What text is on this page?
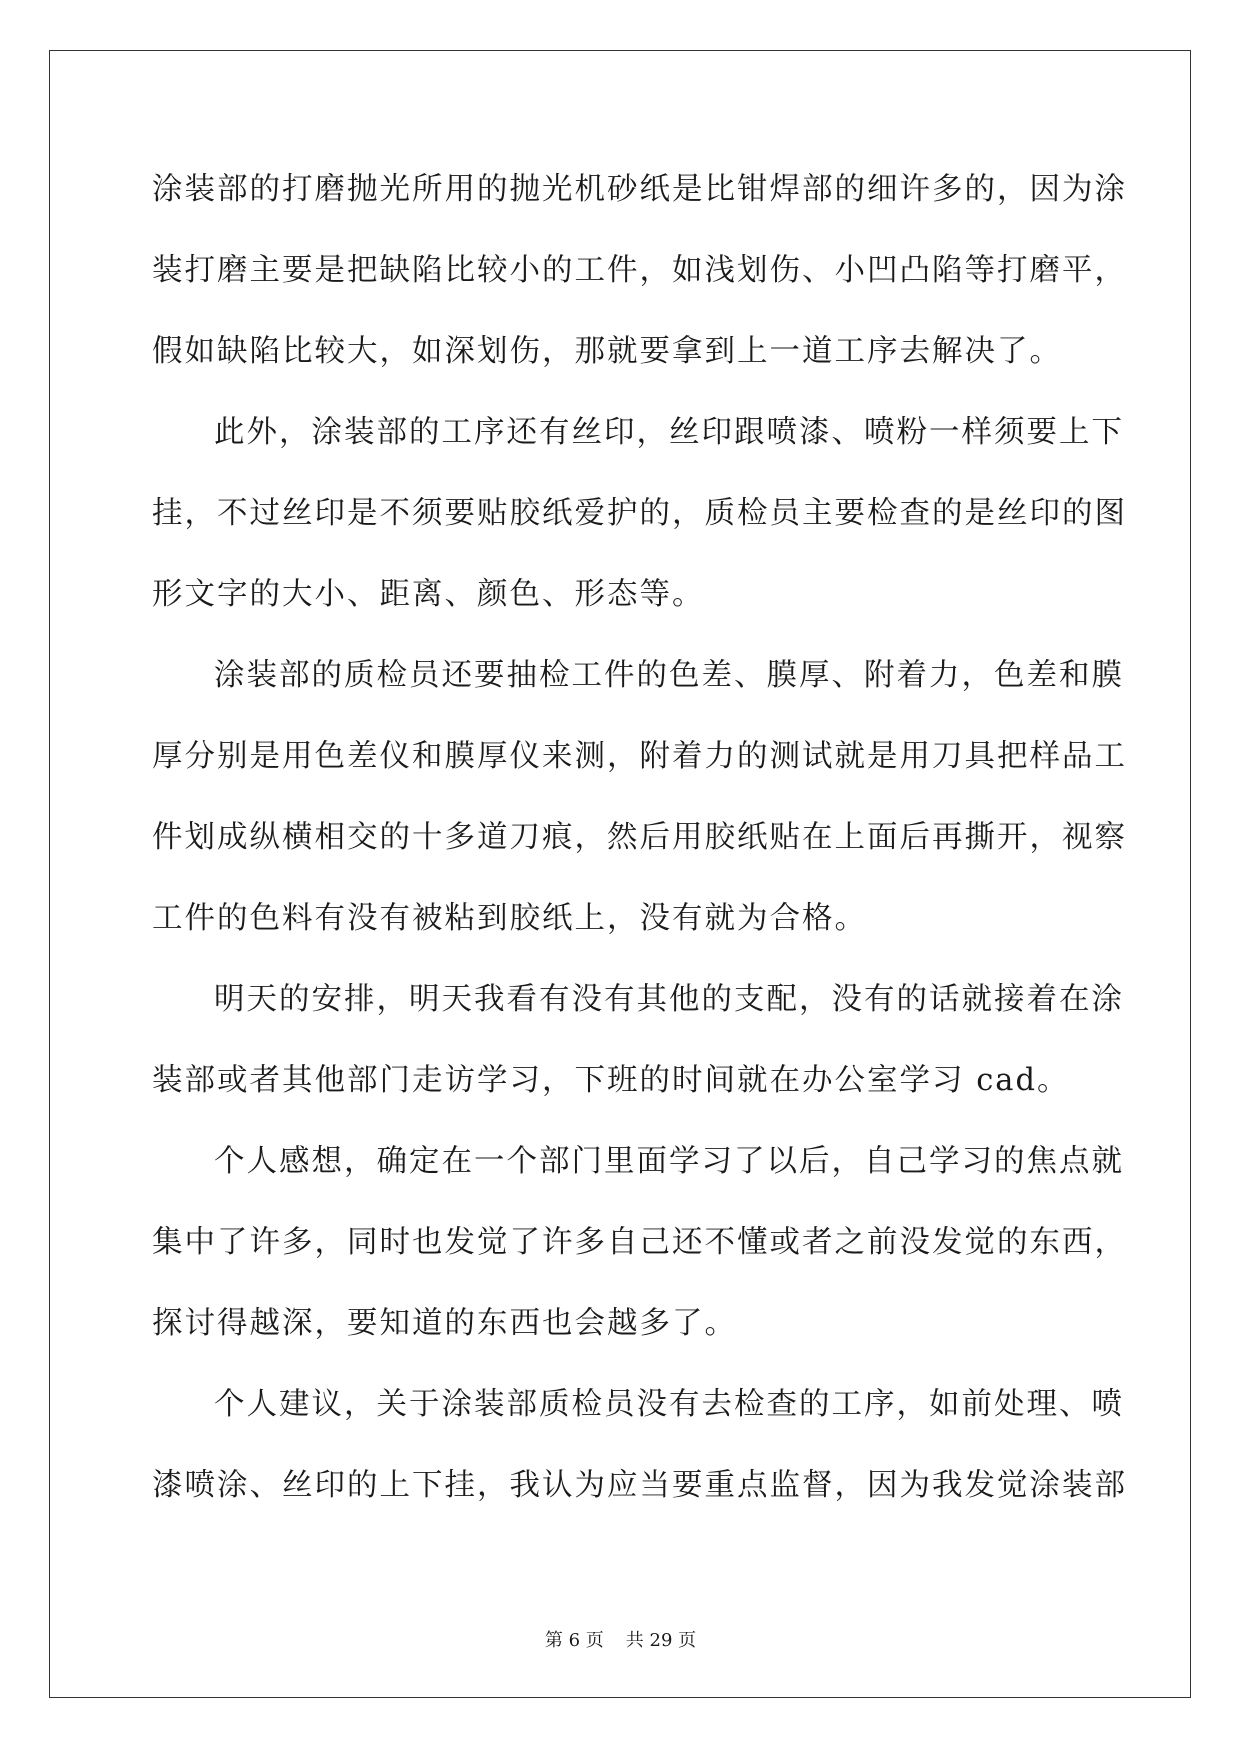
涂装部的打磨抛光所用的抛光机砂纸是比钳焊部的细许多的，因为涂
装打磨主要是把缺陷比较小的工件，如浅划伤、小凹凸陷等打磨平，
假如缺陷比较大，如深划伤，那就要拿到上一道工序去解决了。
此外，涂装部的工序还有丝印，丝印跟喷漆、喷粉一样须要上下
挂，不过丝印是不须要贴胶纸爱护的，质检员主要检查的是丝印的图
形文字的大小、距离、颜色、形态等。
涂装部的质检员还要抽检工件的色差、膜厚、附着力，色差和膜
厚分别是用色差仪和膜厚仪来测，附着力的测试就是用刀具把样品工
件划成纵横相交的十多道刀痕，然后用胶纸贴在上面后再撕开，视察
工件的色料有没有被粘到胶纸上，没有就为合格。
明天的安排，明天我看有没有其他的支配，没有的话就接着在涂
装部或者其他部门走访学习，下班的时间就在办公室学习 cad。
个人感想，确定在一个部门里面学习了以后，自己学习的焦点就
集中了许多，同时也发觉了许多自己还不懂或者之前没发觉的东西，
探讨得越深，要知道的东西也会越多了。
个人建议，关于涂装部质检员没有去检查的工序，如前处理、喷
漆喷涂、丝印的上下挂，我认为应当要重点监督，因为我发觉涂装部
第 6 页 共 29 页
